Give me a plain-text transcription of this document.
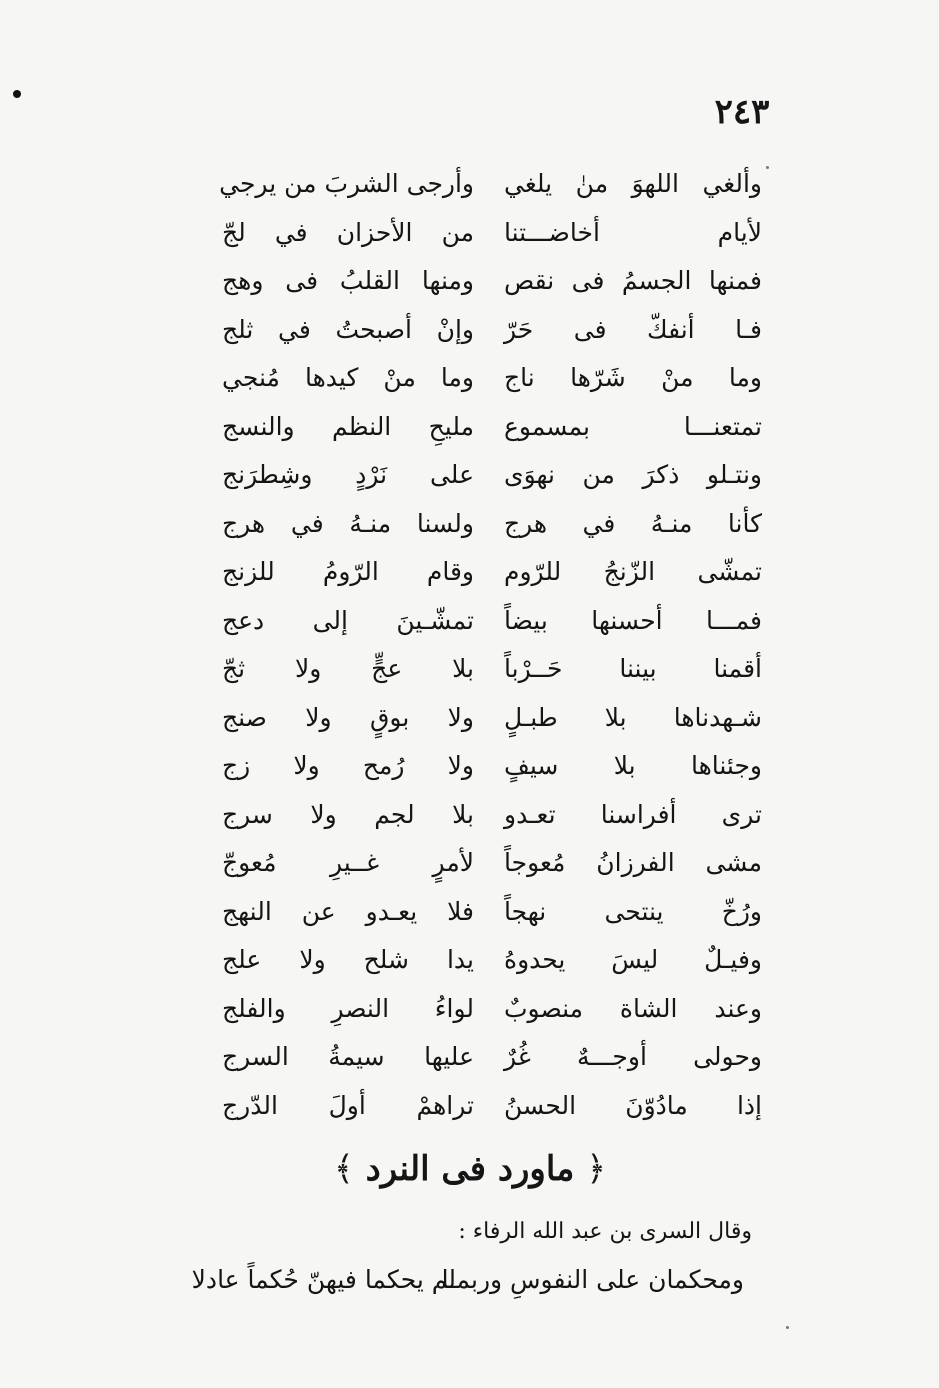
٢٤٣
وألغي اللهوَ منٰ يلغي
وأرجى الشربَ من يرجي
لأيام أخاضـــتنا
من الأحزان في لجّ
فمنها الجسمُ فى نقص
ومنها القلبُ فى وهج
فـا أنفكّ فى حَرّ
وإنْ أصبحتُ في ثلج
وما منْ شَرّها ناج
وما منْ كيدها مُنجي
تمتعنـــا بمسموع
مليحِ النظم والنسج
ونتـلو ذكرَ من نهوَى
على نَرْدٍ وشِطرَنج
كأنا منـهُ في هرج
ولسنا منـهُ في هرج
تمشّى الزّنجُ للرّوم
وقام الرّومُ للزنج
فمـــا أحسنها بيضاً
تمشّـينَ إلى دعج
أقمنا بيننا حَــرْباً
بلا عجٍّ ولا ثجّ
شـهدناها بلا طبـلٍ
ولا بوقٍ ولا صنج
وجئناها بلا سيفٍ
ولا رُمح ولا زج
ترى أفراسنا تعـدو
بلا لجم ولا سرج
مشى الفرزانُ مُعوجاً
لأمرٍ غــيرِ مُعوجّ
ورُخّ ينتحى نهجاً
فلا يعـدو عن النهج
وفيـلٌ ليسَ يحدوهُ
يدا شلح ولا علج
وعند الشاة منصوبٌ
لواءُ النصرِ والفلج
وحولى أوجـــهٌ غُرٌ
عليها سيمةُ السرج
إذا مادُوّنَ الحسنُ
تراهمْ أولَ الدّرج
﴿ ماورد فى النرد ﴾
وقال السرى بن عبد الله الرفاء :
ومحكمان على النفوسِ وربمـا
لم يحكما فيهنّ حُكماً عادلا
